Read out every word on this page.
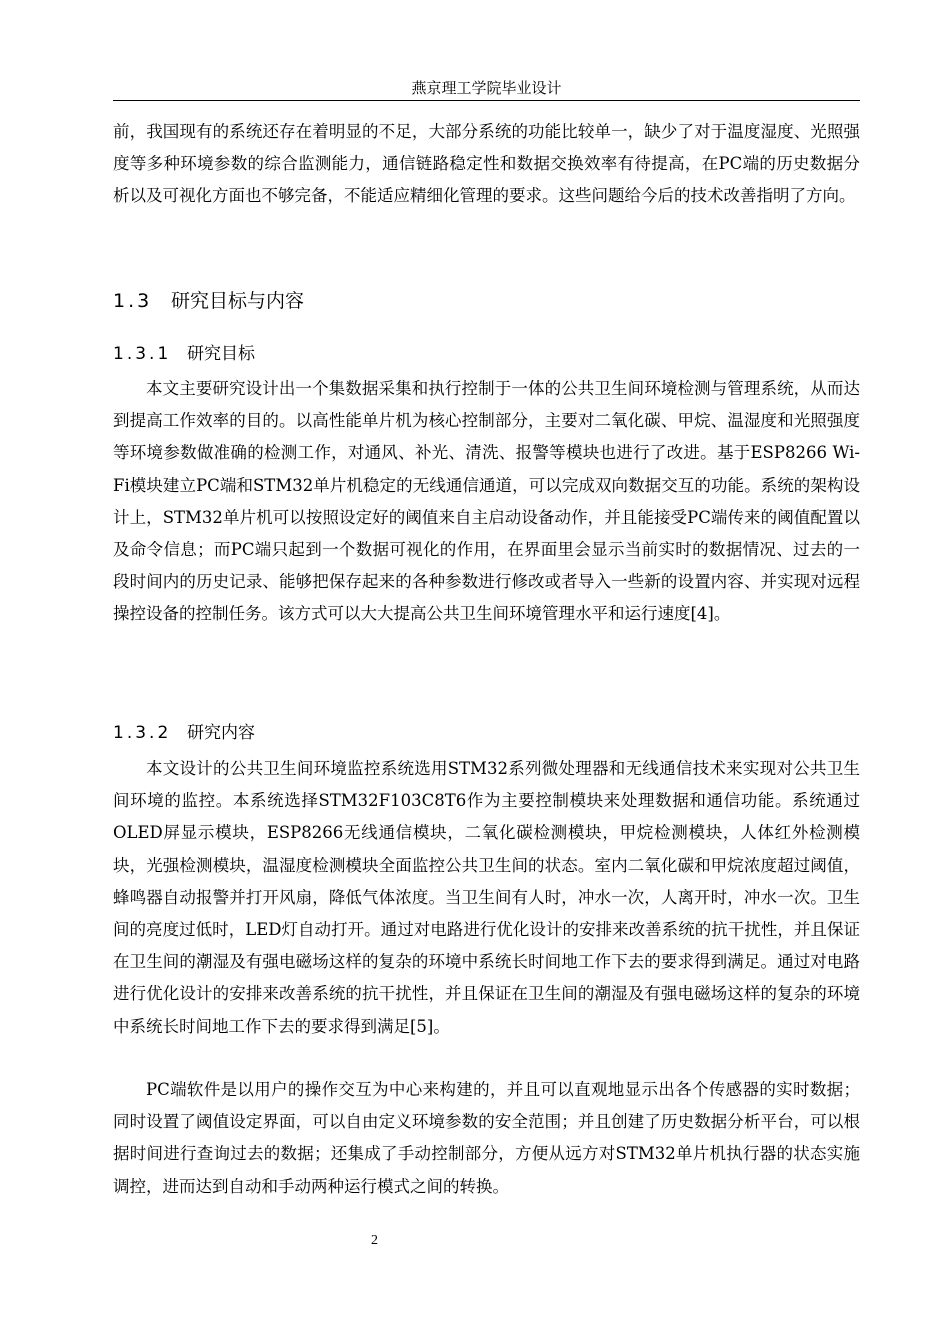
燕京理工学院毕业设计

前，我国现有的系统还存在着明显的不足，大部分系统的功能比较单一，缺少了对于温度湿度、光照强度等多种环境参数的综合监测能力，通信链路稳定性和数据交换效率有待提高，在PC端的历史数据分析以及可视化方面也不够完备，不能适应精细化管理的要求。这些问题给今后的技术改善指明了方向。

1.3 研究目标与内容
1.3.1 研究目标

本文主要研究设计出一个集数据采集和执行控制于一体的公共卫生间环境检测与管理系统，从而达到提高工作效率的目的。以高性能单片机为核心控制部分，主要对二氧化碳、甲烷、温湿度和光照强度等环境参数做准确的检测工作，对通风、补光、清洗、报警等模块也进行了改进。基于ESP8266 Wi-Fi模块建立PC端和STM32单片机稳定的无线通信通道，可以完成双向数据交互的功能。系统的架构设计上，STM32单片机可以按照设定好的阈值来自主启动设备动作，并且能接受PC端传来的阈值配置以及命令信息；而PC端只起到一个数据可视化的作用，在界面里会显示当前实时的数据情况、过去的一段时间内的历史记录、能够把保存起来的各种参数进行修改或者导入一些新的设置内容、并实现对远程操控设备的控制任务。该方式可以大大提高公共卫生间环境管理水平和运行速度[4]。

1.3.2 研究内容

本文设计的公共卫生间环境监控系统选用STM32系列微处理器和无线通信技术来实现对公共卫生间环境的监控。本系统选择STM32F103C8T6作为主要控制模块来处理数据和通信功能。系统通过OLED屏显示模块，ESP8266无线通信模块，二氧化碳检测模块，甲烷检测模块，人体红外检测模块，光强检测模块，温湿度检测模块全面监控公共卫生间的状态。室内二氧化碳和甲烷浓度超过阈值，蜂鸣器自动报警并打开风扇，降低气体浓度。当卫生间有人时，冲水一次，人离开时，冲水一次。卫生间的亮度过低时，LED灯自动打开。通过对电路进行优化设计的安排来改善系统的抗干扰性，并且保证在卫生间的潮湿及有强电磁场这样的复杂的环境中系统长时间地工作下去的要求得到满足。通过对电路进行优化设计的安排来改善系统的抗干扰性，并且保证在卫生间的潮湿及有强电磁场这样的复杂的环境中系统长时间地工作下去的要求得到满足[5]。

PC端软件是以用户的操作交互为中心来构建的，并且可以直观地显示出各个传感器的实时数据；同时设置了阈值设定界面，可以自由定义环境参数的安全范围；并且创建了历史数据分析平台，可以根据时间进行查询过去的数据；还集成了手动控制部分，方便从远方对STM32单片机执行器的状态实施调控，进而达到自动和手动两种运行模式之间的转换。

2
